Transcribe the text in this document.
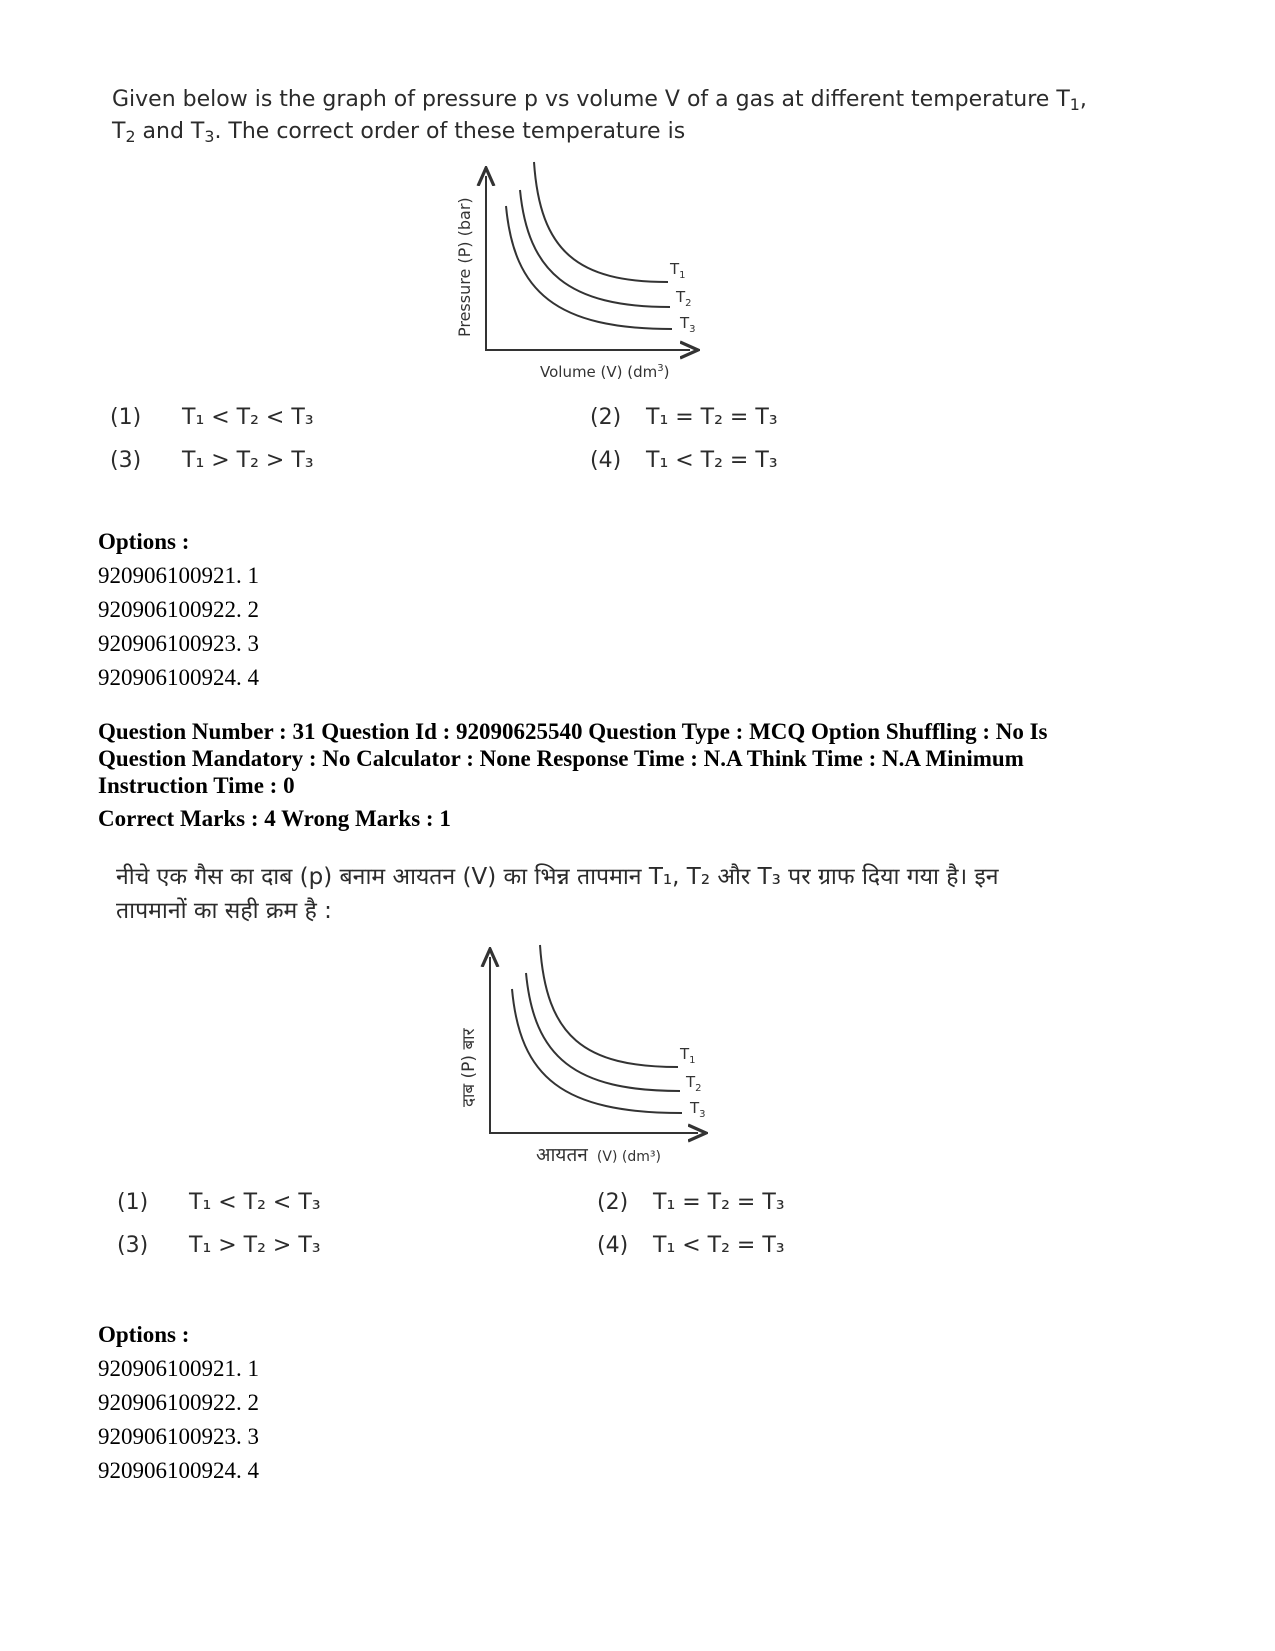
Given below is the graph of pressure p vs volume V of a gas at different temperature $T_1$,
$T_2$ and $T_3$. The correct order of these temperature is
$T_1$
$T_2$
$T_3$
Pressure (P) (bar)
Volume (V) $(dm^3)$
(1) T₁ < T₂ < T₃	(2) T₁ = T₂ = T₃
(3) T₁ > T₂ > T₃	(4) T₁ < T₂ = T₃
Options :
920906100921. 1
920906100922. 2
920906100923. 3
920906100924. 4
Question Number : 31 Question Id : 92090625540 Question Type : MCQ Option Shuffling : No Is
Question Mandatory : No Calculator : None Response Time : N.A Think Time : N.A Minimum
Instruction Time : 0
Correct Marks : 4 Wrong Marks : 1
नीचे एक गैस का दाब (p) बनाम आयतन (V) का भिन्न तापमान T₁, T₂ और T₃ पर ग्राफ दिया गया है। इन
तापमानों का सही क्रम है :
$T_1$
$T_2$
$T_3$
दाब (P) बार
आयतन (V) (dm³)
(1) T₁ < T₂ < T₃	(2) T₁ = T₂ = T₃
(3) T₁ > T₂ > T₃	(4) T₁ < T₂ = T₃
Options :
920906100921. 1
920906100922. 2
920906100923. 3
920906100924. 4
